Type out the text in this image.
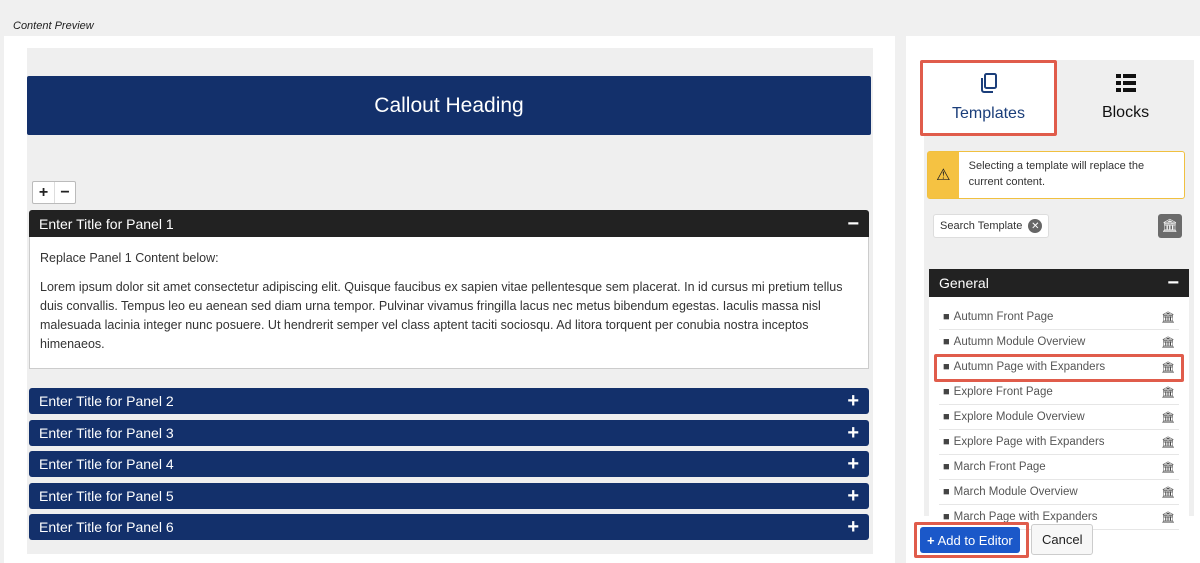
Content Preview
Callout Heading
+ −
Enter Title for Panel 1	−

Replace Panel 1 Content below:

Lorem ipsum dolor sit amet consectetur adipiscing elit. Quisque faucibus ex sapien vitae pellentesque sem placerat. In id cursus mi pretium tellus duis convallis. Tempus leo eu aenean sed diam urna tempor. Pulvinar vivamus fringilla lacus nec metus bibendum egestas. Iaculis massa nisl malesuada lacinia integer nunc posuere. Ut hendrerit semper vel class aptent taciti sociosqu. Ad litora torquent per conubia nostra inceptos himenaeos.

Enter Title for Panel 2	+
Enter Title for Panel 3	+
Enter Title for Panel 4	+
Enter Title for Panel 5	+
Enter Title for Panel 6	+
Templates	Blocks
⚠
Selecting a template will replace the current content.
Search Template ✕	🏛
General	−
■ Autumn Front Page	🏛
■ Autumn Module Overview	🏛
■ Autumn Page with Expanders	🏛
■ Explore Front Page	🏛
■ Explore Module Overview	🏛
■ Explore Page with Expanders	🏛
■ March Front Page	🏛
■ March Module Overview	🏛
■ March Page with Expanders	🏛
+ Add to Editor	Cancel
